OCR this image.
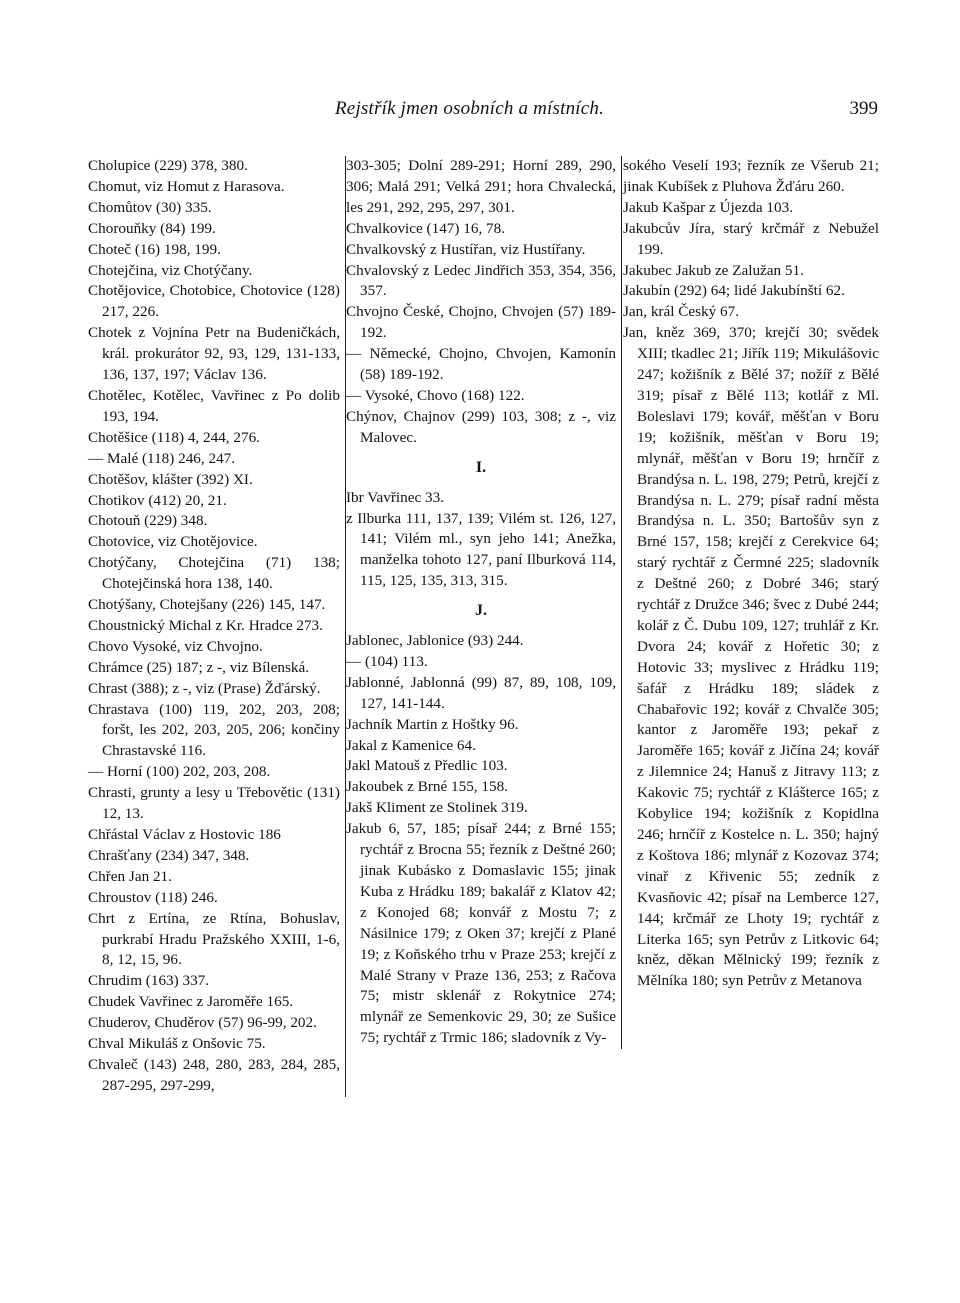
Rejstřík jmen osobních a místních.	399

Cholupice (229) 378, 380.

Chomut, viz Homut z Harasova.

Chomůtov (30) 335.

Chorouňky (84) 199.

Choteč (16) 198, 199.

Chotejčina, viz Chotýčany.

Chotějovice, Chotobice, Chotovice (128) 217, 226.

Chotek z Vojnína Petr na Budeničkách, král. prokurátor 92, 93, 129, 131-133, 136, 137, 197; Václav 136.

Chotělec, Kotělec, Vavřinec z Po dolib 193, 194.

Chotěšice (118) 4, 244, 276.

— Malé (118) 246, 247.

Chotěšov, klášter (392) XI.

Chotikov (412) 20, 21.

Chotouň (229) 348.

Chotovice, viz Chotějovice.

Chotýčany, Chotejčina (71) 138; Chotejčinská hora 138, 140.

Chotýšany, Chotejšany (226) 145, 147.

Choustnický Michal z Kr. Hradce 273.

Chovo Vysoké, viz Chvojno.

Chrámce (25) 187; z -, viz Bílenská.

Chrast (388); z -, viz (Prase) Žďárský.

Chrastava (100) 119, 202, 203, 208; foršt, les 202, 203, 205, 206; končiny Chrastavské 116.

— Horní (100) 202, 203, 208.

Chrasti, grunty a lesy u Třebovětic (131) 12, 13.

Chřástal Václav z Hostovic 186

Chrašťany (234) 347, 348.

Chřen Jan 21.

Chroustov (118) 246.

Chrt z Ertína, ze Rtína, Bohuslav, purkrabí Hradu Pražského XXIII, 1-6, 8, 12, 15, 96.

Chrudim (163) 337.

Chudek Vavřinec z Jaroměře 165.

Chuderov, Chuděrov (57) 96-99, 202.

Chval Mikuláš z Onšovic 75.

Chvaleč (143) 248, 280, 283, 284, 285, 287-295, 297-299,

303-305; Dolní 289-291; Horní 289, 290, 306; Malá 291; Velká 291; hora Chvalecká, les 291, 292, 295, 297, 301.

Chvalkovice (147) 16, 78.

Chvalkovský z Hustířan, viz Hustířany.

Chvalovský z Ledec Jindřich 353, 354, 356, 357.

Chvojno České, Chojno, Chvojen (57) 189-192.

— Německé, Chojno, Chvojen, Kamonín (58) 189-192.

— Vysoké, Chovo (168) 122.

Chýnov, Chajnov (299) 103, 308; z -, viz Malovec.

I.

Ibr Vavřinec 33.

z Ilburka 111, 137, 139; Vilém st. 126, 127, 141; Vilém ml., syn jeho 141; Anežka, manželka tohoto 127, paní Ilburková 114, 115, 125, 135, 313, 315.

J.

Jablonec, Jablonice (93) 244.

— (104) 113.

Jablonné, Jablonná (99) 87, 89, 108, 109, 127, 141-144.

Jachník Martin z Hoštky 96.

Jakal z Kamenice 64.

Jakl Matouš z Předlic 103.

Jakoubek z Brné 155, 158.

Jakš Kliment ze Stolinek 319.

Jakub 6, 57, 185; písař 244; z Brné 155; rychtář z Brocna 55; řezník z Deštné 260; jinak Kubásko z Domaslavic 155; jinak Kuba z Hrádku 189; bakalář z Klatov 42; z Konojed 68; konvář z Mostu 7; z Násilnice 179; z Oken 37; krejčí z Plané 19; z Koňského trhu v Praze 253; krejčí z Malé Strany v Praze 136, 253; z Račova 75; mistr sklenář z Rokytnice 274; mlynář ze Semenkovic 29, 30; ze Sušice 75; rychtář z Trmic 186; sladovník z Vy-

sokého Veselí 193; řezník ze Všerub 21; jinak Kubíšek z Pluhova Žďáru 260.

Jakub Kašpar z Újezda 103.

Jakubcův Jíra, starý krčmář z Nebužel 199.

Jakubec Jakub ze Zalužan 51.

Jakubín (292) 64; lidé Jakubínští 62.

Jan, král Český 67.

Jan, kněz 369, 370; krejčí 30; svědek XIII; tkadlec 21; Jiřík 119; Mikulášovic 247; kožišník z Bělé 37; nožíř z Bělé 319; písař z Bělé 113; kotlář z Ml. Boleslavi 179; kovář, měšťan v Boru 19; kožišník, měšťan v Boru 19; mlynář, měšťan v Boru 19; hrnčíř z Brandýsa n. L. 198, 279; Petrů, krejčí z Brandýsa n. L. 279; písař radní města Brandýsa n. L. 350; Bartošův syn z Brné 157, 158; krejčí z Cerekvice 64; starý rychtář z Čermné 225; sladovník z Deštné 260; z Dobré 346; starý rychtář z Družce 346; švec z Dubé 244; kolář z Č. Dubu 109, 127; truhlář z Kr. Dvora 24; kovář z Hořetic 30; z Hotovic 33; myslivec z Hrádku 119; šafář z Hrádku 189; sládek z Chabařovic 192; kovář z Chvalče 305; kantor z Jaroměře 193; pekař z Jaroměře 165; kovář z Jičína 24; kovář z Jilemnice 24; Hanuš z Jitravy 113; z Kakovic 75; rychtář z Klášterce 165; z Kobylice 194; kožišník z Kopidlna 246; hrnčíř z Kostelce n. L. 350; hajný z Koštova 186; mlynář z Kozovaz 374; vinař z Křivenic 55; zedník z Kvasňovic 42; písař na Lemberce 127, 144; krčmář ze Lhoty 19; rychtář z Literka 165; syn Petrův z Litkovic 64; kněz, děkan Mělnický 199; řezník z Mělníka 180; syn Petrův z Metanova
